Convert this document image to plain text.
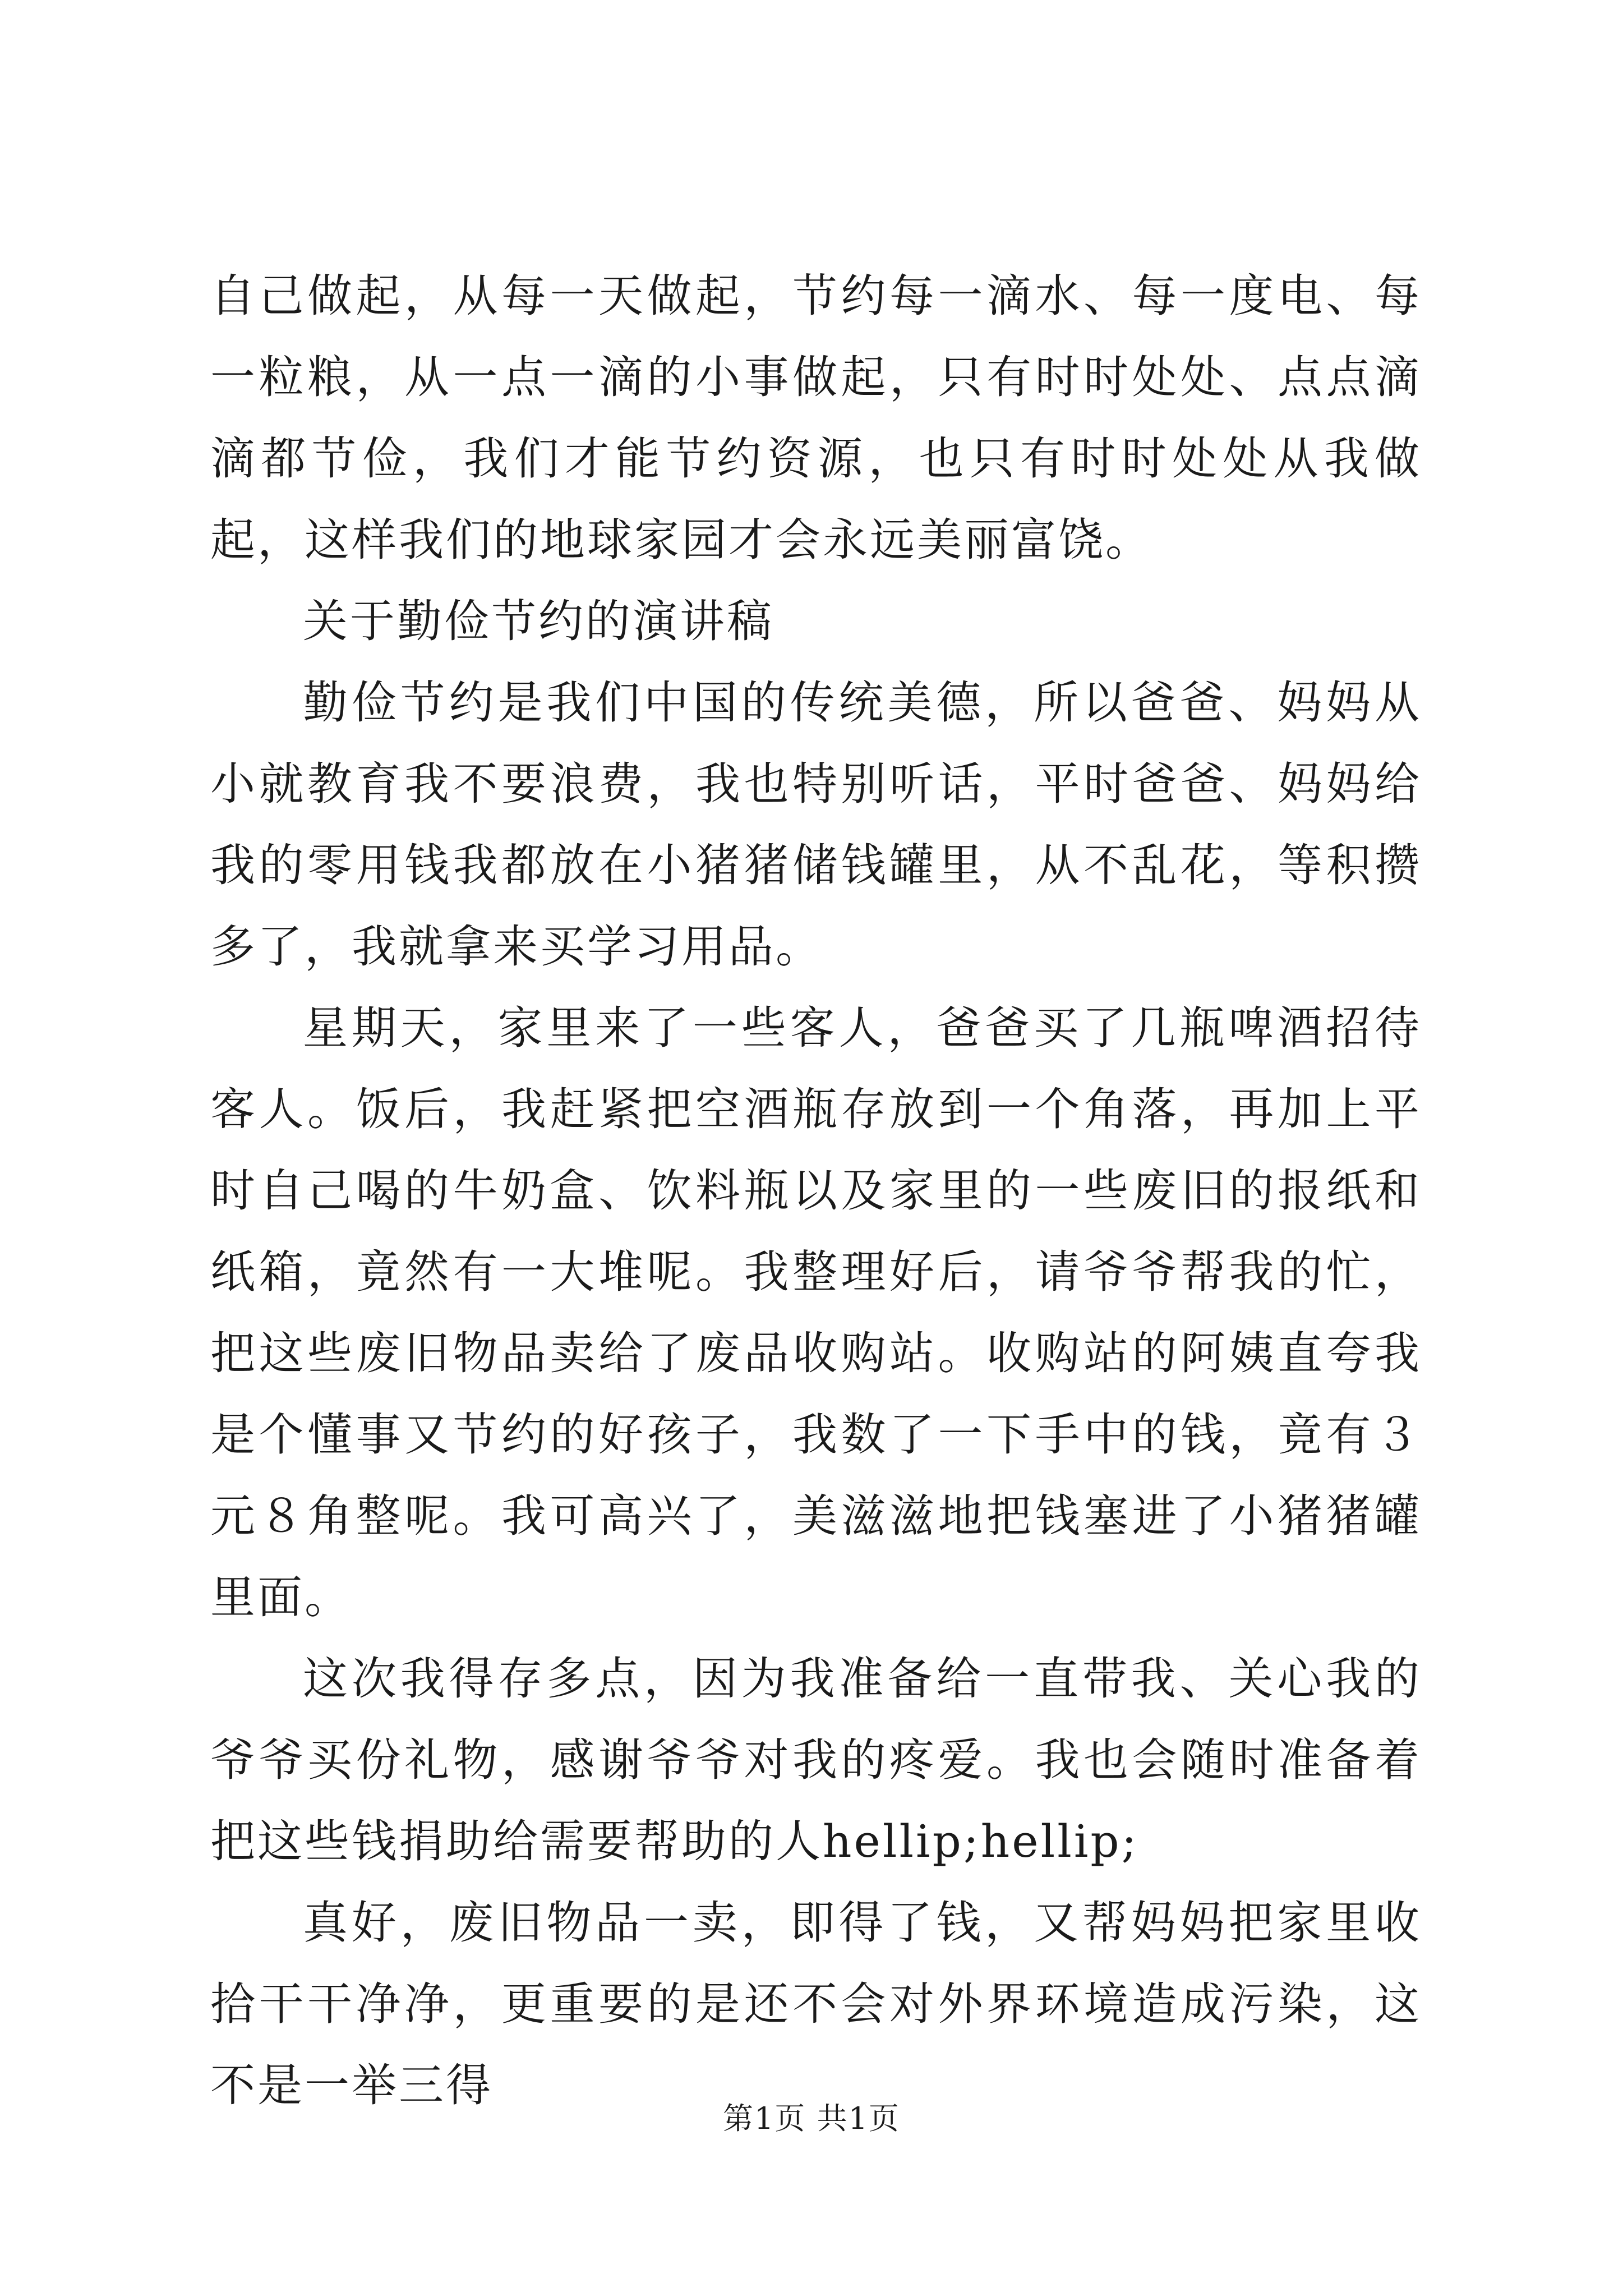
自己做起，从每一天做起，节约每一滴水、每一度电、每一粒粮，从一点一滴的小事做起，只有时时处处、点点滴滴都节俭，我们才能节约资源，也只有时时处处从我做起，这样我们的地球家园才会永远美丽富饶。

关于勤俭节约的演讲稿

勤俭节约是我们中国的传统美德，所以爸爸、妈妈从小就教育我不要浪费，我也特别听话，平时爸爸、妈妈给我的零用钱我都放在小猪猪储钱罐里，从不乱花，等积攒多了，我就拿来买学习用品。

星期天，家里来了一些客人，爸爸买了几瓶啤酒招待客人。饭后，我赶紧把空酒瓶存放到一个角落，再加上平时自己喝的牛奶盒、饮料瓶以及家里的一些废旧的报纸和纸箱，竟然有一大堆呢。我整理好后，请爷爷帮我的忙，把这些废旧物品卖给了废品收购站。收购站的阿姨直夸我是个懂事又节约的好孩子，我数了一下手中的钱，竟有３元８角整呢。我可高兴了，美滋滋地把钱塞进了小猪猪罐里面。

这次我得存多点，因为我准备给一直带我、关心我的爷爷买份礼物，感谢爷爷对我的疼爱。我也会随时准备着把这些钱捐助给需要帮助的人hellip;hellip;

真好，废旧物品一卖，即得了钱，又帮妈妈把家里收拾干干净净，更重要的是还不会对外界环境造成污染，这不是一举三得

第1页 共1页
